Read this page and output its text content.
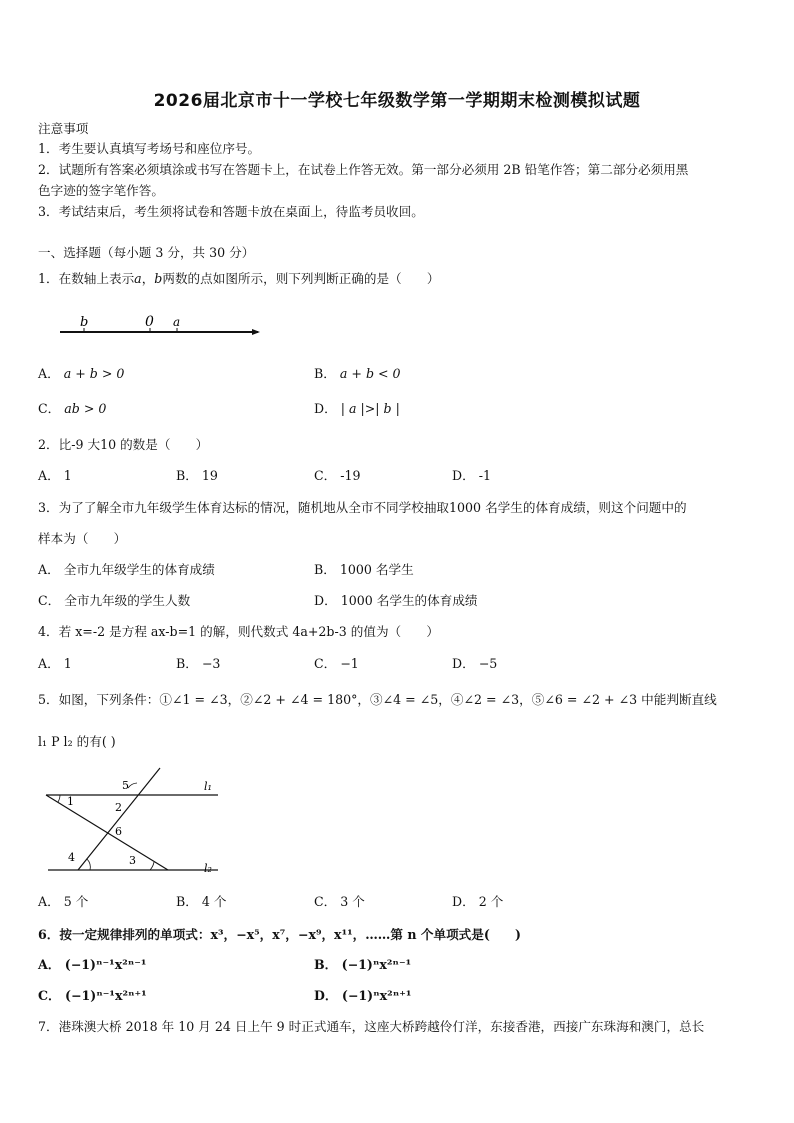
2026届北京市十一学校七年级数学第一学期期末检测模拟试题
注意事项
1．考生要认真填写考场号和座位序号。
2．试题所有答案必须填涂或书写在答题卡上，在试卷上作答无效。第一部分必须用 2B 铅笔作答；第二部分必须用黑
色字迹的签字笔作答。
3．考试结束后，考生须将试卷和答题卡放在桌面上，待监考员收回。
一、选择题（每小题 3 分，共 30 分）
1．在数轴上表示a，b两数的点如图所示，则下列判断正确的是（　　）
b	0 a
A． a + b > 0	B． a + b < 0
C． ab > 0	D． | a |>| b |
2．比-9 大10 的数是（　　）
A． 1	B． 19	C． -19	D． -1
3．为了了解全市九年级学生体育达标的情况，随机地从全市不同学校抽取1000 名学生的体育成绩，则这个问题中的
样本为（　　）
A． 全市九年级学生的体育成绩	B． 1000 名学生
C． 全市九年级的学生人数	D． 1000 名学生的体育成绩
4．若 x=-2 是方程 ax-b=1 的解，则代数式 4a+2b-3 的值为（　　）
A． 1	B． −3	C． −1	D． −5
5．如图，下列条件：①∠1 = ∠3，②∠2 + ∠4 = 180°，③∠4 = ∠5，④∠2 = ∠3，⑤∠6 = ∠2 + ∠3 中能判断直线
l₁ P l₂ 的有( )
1	2
3
4
5
6
l₁
l₂
A． 5 个	B． 4 个	C． 3 个	D． 2 个
6．按一定规律排列的单项式：x³，−x⁵，x⁷，−x⁹，x¹¹，……第 n 个单项式是(　　)
A． (−1)ⁿ⁻¹x²ⁿ⁻¹	B． (−1)ⁿx²ⁿ⁻¹
C． (−1)ⁿ⁻¹x²ⁿ⁺¹	D． (−1)ⁿx²ⁿ⁺¹
7．港珠澳大桥 2018 年 10 月 24 日上午 9 时正式通车，这座大桥跨越伶仃洋，东接香港，西接广东珠海和澳门，总长
